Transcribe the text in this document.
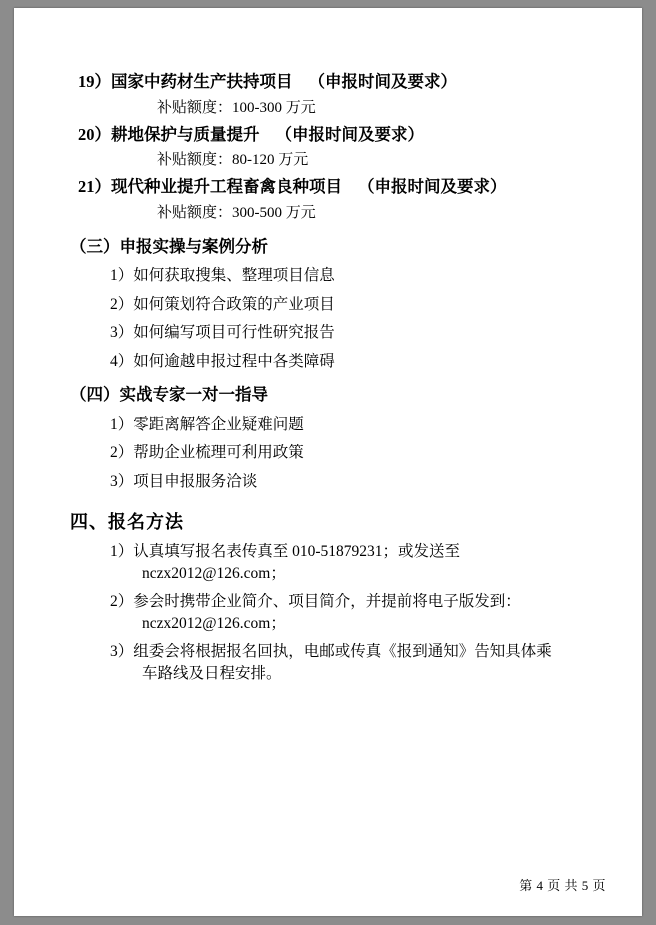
19）国家中药材生产扶持项目 （申报时间及要求）
补贴额度：100-300 万元
20）耕地保护与质量提升 （申报时间及要求）
补贴额度：80-120 万元
21）现代种业提升工程畜禽良种项目 （申报时间及要求）
补贴额度：300-500 万元
（三）申报实操与案例分析
1）如何获取搜集、整理项目信息
2）如何策划符合政策的产业项目
3）如何编写项目可行性研究报告
4）如何逾越申报过程中各类障碍
（四）实战专家一对一指导
1）零距离解答企业疑难问题
2）帮助企业梳理可利用政策
3）项目申报服务洽谈
四、报名方法
1）认真填写报名表传真至 010-51879231；或发送至
nczx2012@126.com；
2）参会时携带企业简介、项目简介，并提前将电子版发到：
nczx2012@126.com；
3）组委会将根据报名回执，电邮或传真《报到通知》告知具体乘
车路线及日程安排。
第 4 页 共 5 页
